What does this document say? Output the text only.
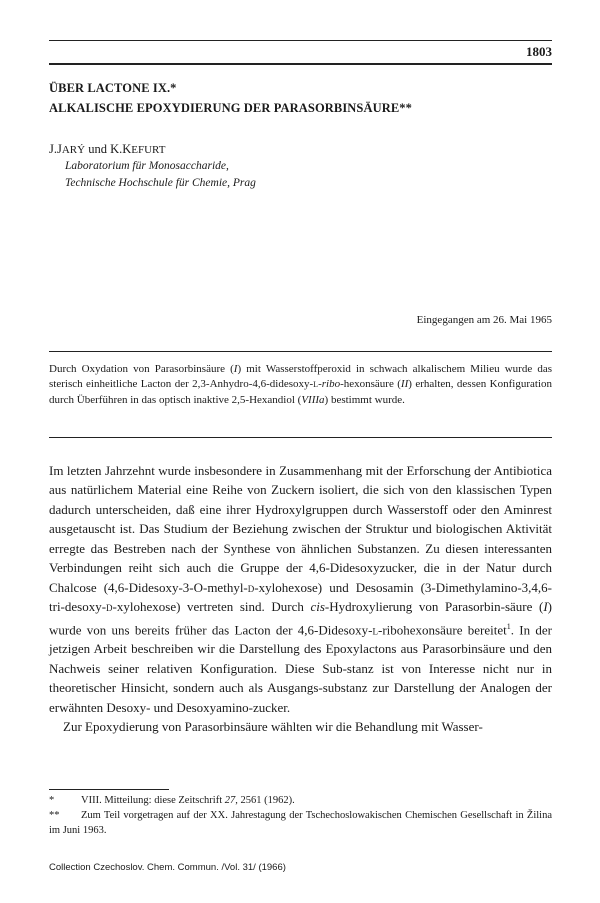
1803
ÜBER LACTONE IX.*
ALKALISCHE EPOXYDIERUNG DER PARASORBINSÄURE**
J.JARÝ und K.KEFURT
Laboratorium für Monosaccharide,
Technische Hochschule für Chemie, Prag
Eingegangen am 26. Mai 1965
Durch Oxydation von Parasorbinsäure (I) mit Wasserstoffperoxid in schwach alkalischem Milieu wurde das sterisch einheitliche Lacton der 2,3-Anhydro-4,6-didesoxy-l-ribo-hexonsäure (II) erhalten, dessen Konfiguration durch Überführen in das optisch inaktive 2,5-Hexandiol (VIIIa) bestimmt wurde.

Im letzten Jahrzehnt wurde insbesondere in Zusammenhang mit der Erforschung der Antibiotica aus natürlichem Material eine Reihe von Zuckern isoliert, die sich von den klassischen Typen dadurch unterscheiden, daß eine ihrer Hydroxylgruppen durch Wasserstoff oder den Aminrest ausgetauscht ist. Das Studium der Beziehung zwischen der Struktur und biologischen Aktivität erregte das Bestreben nach der Synthese von ähnlichen Substanzen. Zu diesen interessanten Verbindungen reiht sich auch die Gruppe der 4,6-Didesoxyzucker, die in der Natur durch Chalcose (4,6-Didesoxy-3-O-methyl-d-xylohexose) und Desosamin (3-Dimethylamino-3,4,6-tri-desoxy-d-xylohexose) vertreten sind. Durch cis-Hydroxylierung von Parasorbin-säure (I) wurde von uns bereits früher das Lacton der 4,6-Didesoxy-l-ribohexonsäure bereitet$^1$. In der jetzigen Arbeit beschreiben wir die Darstellung des Epoxylactons aus Parasorbinsäure und den Nachweis seiner relativen Konfiguration. Diese Sub-stanz ist von Interesse nicht nur in theoretischer Hinsicht, sondern auch als Ausgangs-substanz zur Darstellung der Analogen der erwähnten Desoxy- und Desoxyamino-zucker.

Zur Epoxydierung von Parasorbinsäure wählten wir die Behandlung mit Wasser-

*	VIII. Mitteilung: diese Zeitschrift 27, 2561 (1962).
** Zum Teil vorgetragen auf der XX. Jahrestagung der Tschechoslowakischen Chemischen Gesellschaft in Žilina im Juni 1963.
Collection Czechoslov. Chem. Commun. /Vol. 31/ (1966)
